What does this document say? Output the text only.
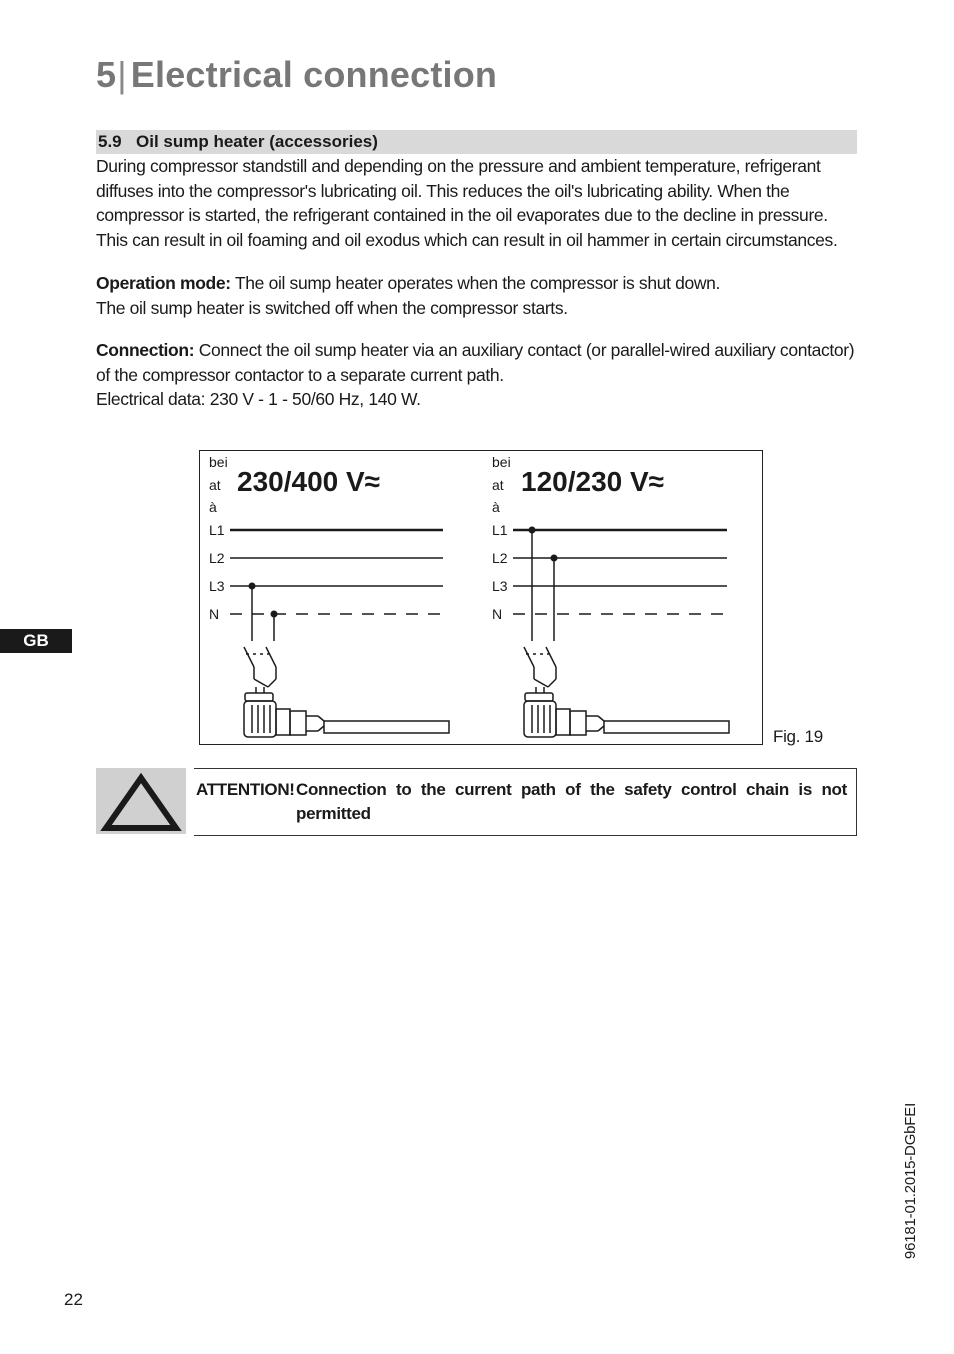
5| Electrical connection
5.9 Oil sump heater (accessories)

During compressor standstill and depending on the pressure and ambient temperature, refrigerant diffuses into the compressor's lubricating oil. This reduces the oil's lubricating ability. When the compressor is started, the refrigerant contained in the oil evaporates due to the decline in pressure. This can result in oil foaming and oil exodus which can result in oil hammer in certain circumstances.

Operation mode: The oil sump heater operates when the compressor is shut down.

The oil sump heater is switched off when the compressor starts.

Connection: Connect the oil sump heater via an auxiliary contact (or parallel-wired auxiliary contactor) of the compressor contactor to a separate current path.

Electrical data: 230 V - 1 - 50/60 Hz, 140 W.

bei
at
à
230/400 V≈
L1
L2
L3
N
bei
at
à
120/230 V≈
L1
L2
L3
N
Fig. 19
GB
ATTENTION! Connection to the current path of the safety control chain is not permitted
96181-01.2015-DGbFEI
22
